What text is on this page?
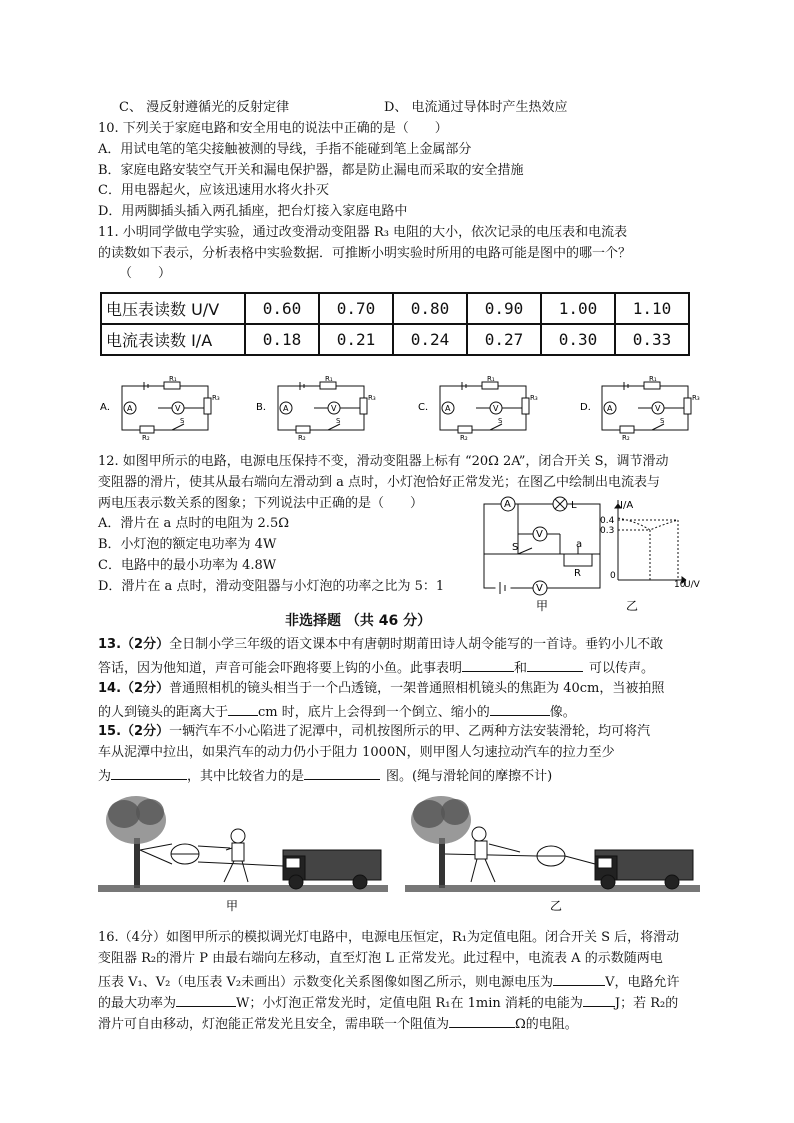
C、 漫反射遵循光的反射定律	D、 电流通过导体时产生热效应
10. 下列关于家庭电路和安全用电的说法中正确的是（　　）
A．用试电笔的笔尖接触被测的导线，手指不能碰到笔上金属部分
B．家庭电路安装空气开关和漏电保护器，都是防止漏电而采取的安全措施
C．用电器起火，应该迅速用水将火扑灭
D．用两脚插头插入两孔插座，把台灯接入家庭电路中
11. 小明同学做电学实验，通过改变滑动变阻器 R₃ 电阻的大小，依次记录的电压表和电流表
的读数如下表示，分析表格中实验数据．可推断小明实验时所用的电路可能是图中的哪一个？
（　　）
电压表读数 U/V	0.60	0.70	0.80	0.90	1.00	1.10
电流表读数 I/A	0.18	0.21	0.24	0.27	0.30	0.33
A．
R₁
R₃
R₂
S
A	V	B．
R₁
R₃
R₂
S
A	V	C．
R₁
R₃
R₂
S
A	V	D．
R₁
R₃
R₂
S
A	V
12. 如图甲所示的电路，电源电压保持不变，滑动变阻器上标有 “20Ω 2A”，闭合开关 S，调节滑动
变阻器的滑片，使其从最右端向左滑动到 a 点时，小灯泡恰好正常发光；在图乙中绘制出电流表与
两电压表示数关系的图象；下列说法中正确的是（　　）
A．滑片在 a 点时的电阻为 2.5Ω
B．小灯泡的额定电功率为 4W
C．电路中的最小功率为 4.8W
D．滑片在 a 点时，滑动变阻器与小灯泡的功率之比为 5：1
A	L
V
V
S	a
R
甲
I/A
0.4
0.3
0
10
U/V
乙
非选择题 （共 46 分）
13.（2分）全日制小学三年级的语文课本中有唐朝时期莆田诗人胡令能写的一首诗。垂钓小儿不敢
答话，因为他知道，声音可能会吓跑将要上钩的小鱼。此事表明	和	可以传声。
14.（2分）普通照相机的镜头相当于一个凸透镜，一架普通照相机镜头的焦距为 40cm，当被拍照
的人到镜头的距离大于 cm 时，底片上会得到一个倒立、缩小的	像。
15.（2分）一辆汽车不小心陷进了泥潭中，司机按图所示的甲、乙两种方法安装滑轮，均可将汽
车从泥潭中拉出，如果汽车的动力仍小于阻力 1000N，则甲图人匀速拉动汽车的拉力至少
为	，其中比较省力的是	图。(绳与滑轮间的摩擦不计)
甲	乙
16.（4分）如图甲所示的模拟调光灯电路中，电源电压恒定，R₁为定值电阻。闭合开关 S 后，将滑动
变阻器 R₂的滑片 P 由最右端向左移动，直至灯泡 L 正常发光。此过程中，电流表 A 的示数随两电
压表 V₁、V₂（电压表 V₂未画出）示数变化关系图像如图乙所示，则电源电压为	V，电路允许
的最大功率为	W；小灯泡正常发光时，定值电阻 R₁在 1min 消耗的电能为 J；若 R₂的
滑片可自由移动，灯泡能正常发光且安全，需串联一个阻值为	Ω的电阻。
